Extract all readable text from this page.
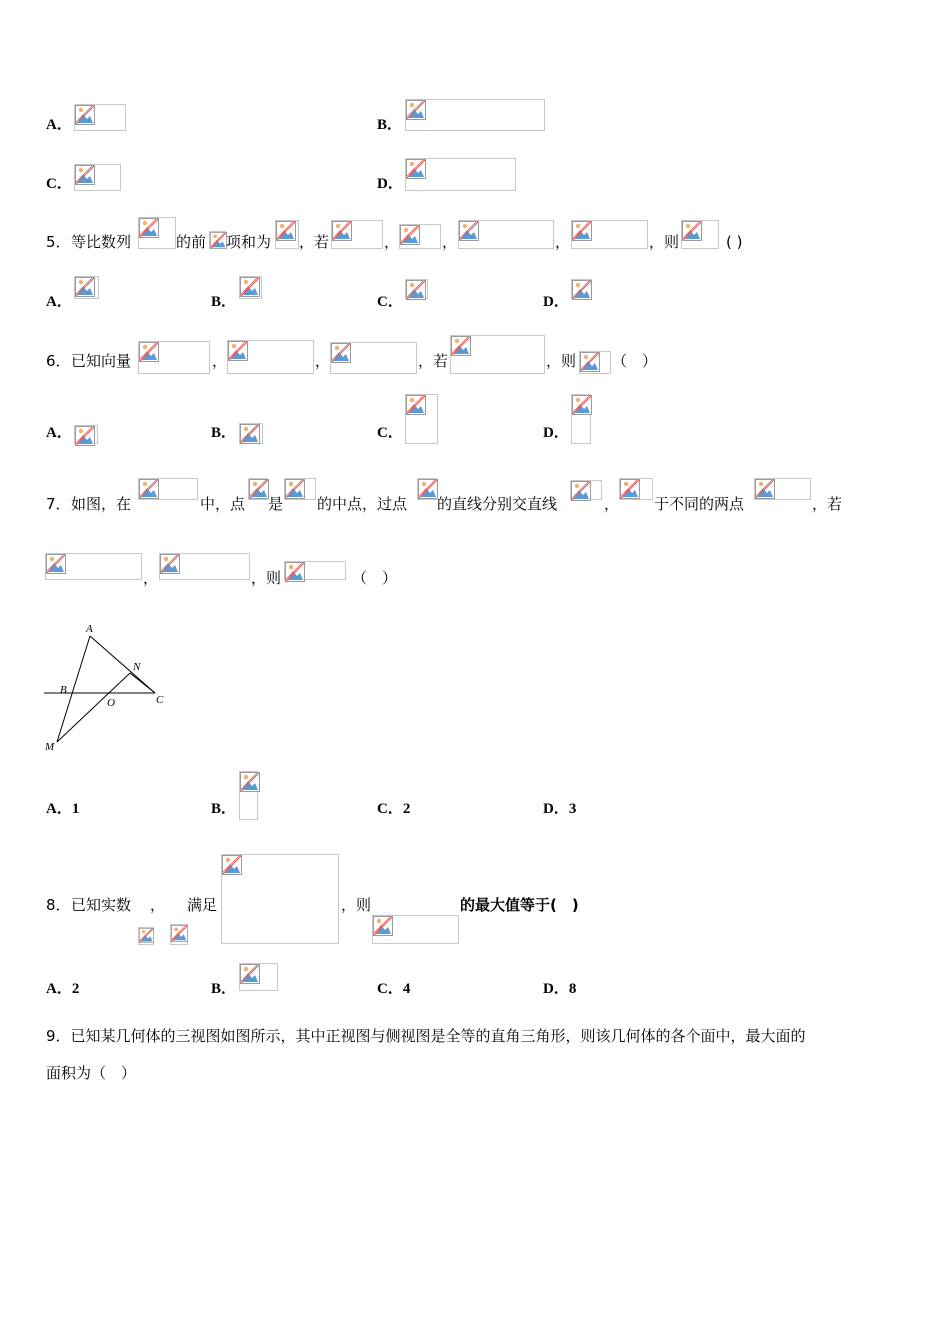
A．	B．
C．	D．
5． 等比数列	的前 项和为 ，若	，	，	，	，则	( )
A．	B．	C．	D．
6． 已知向量	，	，	，若	，则 （　）
A．	B．	C．	D．
7． 如图，在	中，点 是 的中点，过点 的直线分别交直线	， 于不同的两点	，若
，	，则	（　）
A
N
B
O	C
M
A．1	B．	C．2	D．3
8． 已知实数 ， 满足	，则	的最大值等于(　)
A．2	B．	C．4	D．8
9．已知某几何体的三视图如图所示，其中正视图与侧视图是全等的直角三角形，则该几何体的各个面中，最大面的
面积为（　）
